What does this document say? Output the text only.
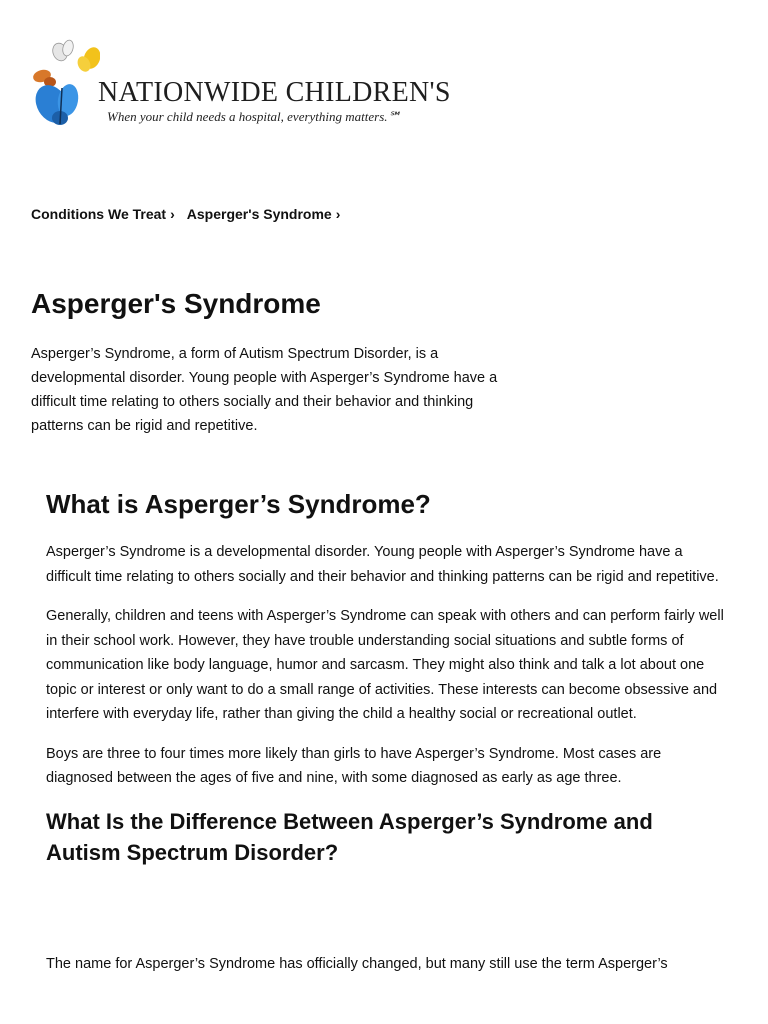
NATIONWIDE CHILDREN'S
When your child needs a hospital, everything matters.℠
Conditions We Treat › Asperger's Syndrome ›
Asperger's Syndrome

Asperger’s Syndrome, a form of Autism Spectrum Disorder, is a developmental disorder. Young people with Asperger’s Syndrome have a difficult time relating to others socially and their behavior and thinking patterns can be rigid and repetitive.

What is Asperger’s Syndrome?

Asperger’s Syndrome is a developmental disorder. Young people with Asperger’s Syndrome have a difficult time relating to others socially and their behavior and thinking patterns can be rigid and repetitive.

Generally, children and teens with Asperger’s Syndrome can speak with others and can perform fairly well in their school work. However, they have trouble understanding social situations and subtle forms of communication like body language, humor and sarcasm. They might also think and talk a lot about one topic or interest or only want to do a small range of activities. These interests can become obsessive and interfere with everyday life, rather than giving the child a healthy social or recreational outlet.

Boys are three to four times more likely than girls to have Asperger’s Syndrome. Most cases are diagnosed between the ages of five and nine, with some diagnosed as early as age three.

What Is the Difference Between Asperger’s Syndrome and Autism Spectrum Disorder?

The name for Asperger’s Syndrome has officially changed, but many still use the term Asperger’s
